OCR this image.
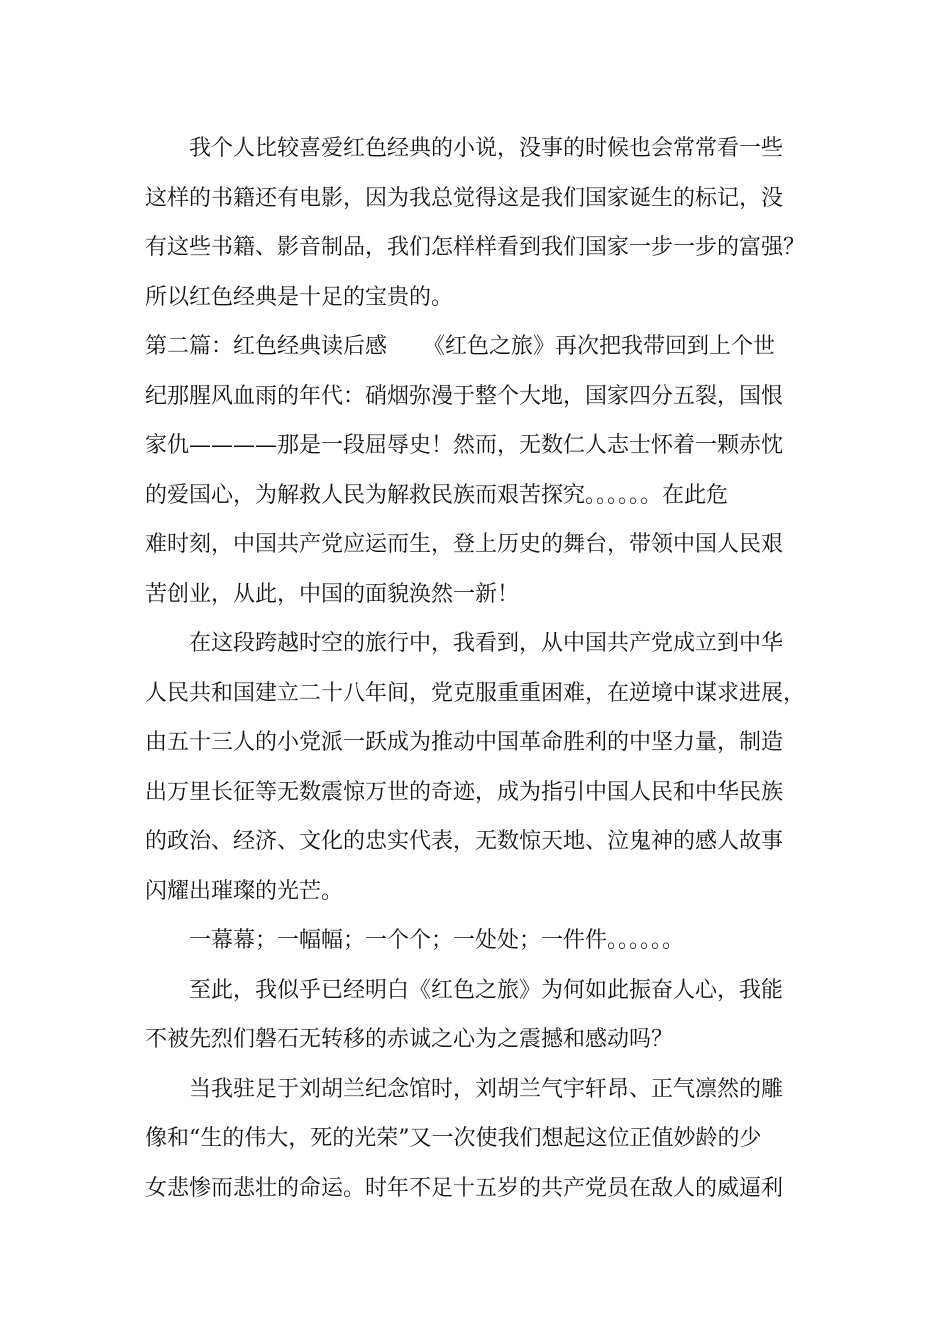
我个人比较喜爱红色经典的小说，没事的时候也会常常看一些
这样的书籍还有电影，因为我总觉得这是我们国家诞生的标记，没
有这些书籍、影音制品，我们怎样样看到我们国家一步一步的富强？
所以红色经典是十足的宝贵的。
第二篇：红色经典读后感 《红色之旅》再次把我带回到上个世
纪那腥风血雨的年代：硝烟弥漫于整个大地，国家四分五裂，国恨
家仇————那是一段屈辱史！然而，无数仁人志士怀着一颗赤忱
的爱国心，为解救人民为解救民族而艰苦探究。。。。。。在此危
难时刻，中国共产党应运而生，登上历史的舞台，带领中国人民艰
苦创业，从此，中国的面貌涣然一新！
在这段跨越时空的旅行中，我看到，从中国共产党成立到中华
人民共和国建立二十八年间，党克服重重困难，在逆境中谋求进展，
由五十三人的小党派一跃成为推动中国革命胜利的中坚力量，制造
出万里长征等无数震惊万世的奇迹，成为指引中国人民和中华民族
的政治、经济、文化的忠实代表，无数惊天地、泣鬼神的感人故事
闪耀出璀璨的光芒。
一幕幕；一幅幅；一个个；一处处；一件件。。。。。。
至此，我似乎已经明白《红色之旅》为何如此振奋人心，我能
不被先烈们磐石无转移的赤诚之心为之震撼和感动吗？
当我驻足于刘胡兰纪念馆时，刘胡兰气宇轩昂、正气凛然的雕
像和“生的伟大，死的光荣”又一次使我们想起这位正值妙龄的少
女悲惨而悲壮的命运。时年不足十五岁的共产党员在敌人的威逼利
